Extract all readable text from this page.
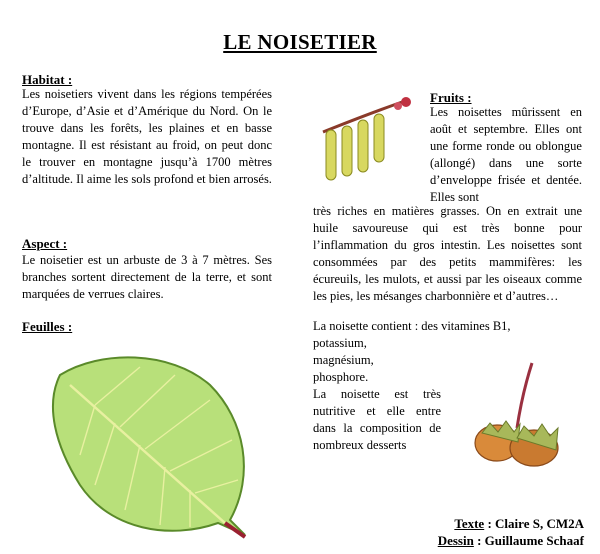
LE NOISETIER
Habitat :
Les noisetiers vivent dans les régions tempérées d’Europe, d’Asie et d’Amérique du Nord. On le trouve dans les forêts, les plaines et en basse montagne. Il est résistant au froid, on peut donc le trouver en montagne jusqu’à 1700 mètres d’altitude. Il aime les sols profond et bien arrosés.
Aspect :
Le noisetier est un arbuste de 3 à 7 mètres. Ses branches sortent directement de la terre, et sont marquées de verrues claires.
Feuilles :
Fruits :
Les noisettes mûrissent en août et septembre. Elles ont une forme ronde ou oblongue (allongé) dans une sorte d’enveloppe frisée et dentée. Elles sont
très riches en matières grasses. On en extrait une huile savoureuse qui est très bonne pour l’inflammation du gros intestin. Les noisettes sont consommées par des petits mammifères: les écureuils, les mulots, et aussi par les oiseaux comme les pies, les mésanges charbonnière et d’autres…
La noisette contient : des vitamines B1,
potassium,
magnésium,
phosphore.
La noisette est très nutritive et elle entre dans la composition de nombreux desserts
Texte : Claire S, CM2A
Dessin : Guillaume Schaaf
